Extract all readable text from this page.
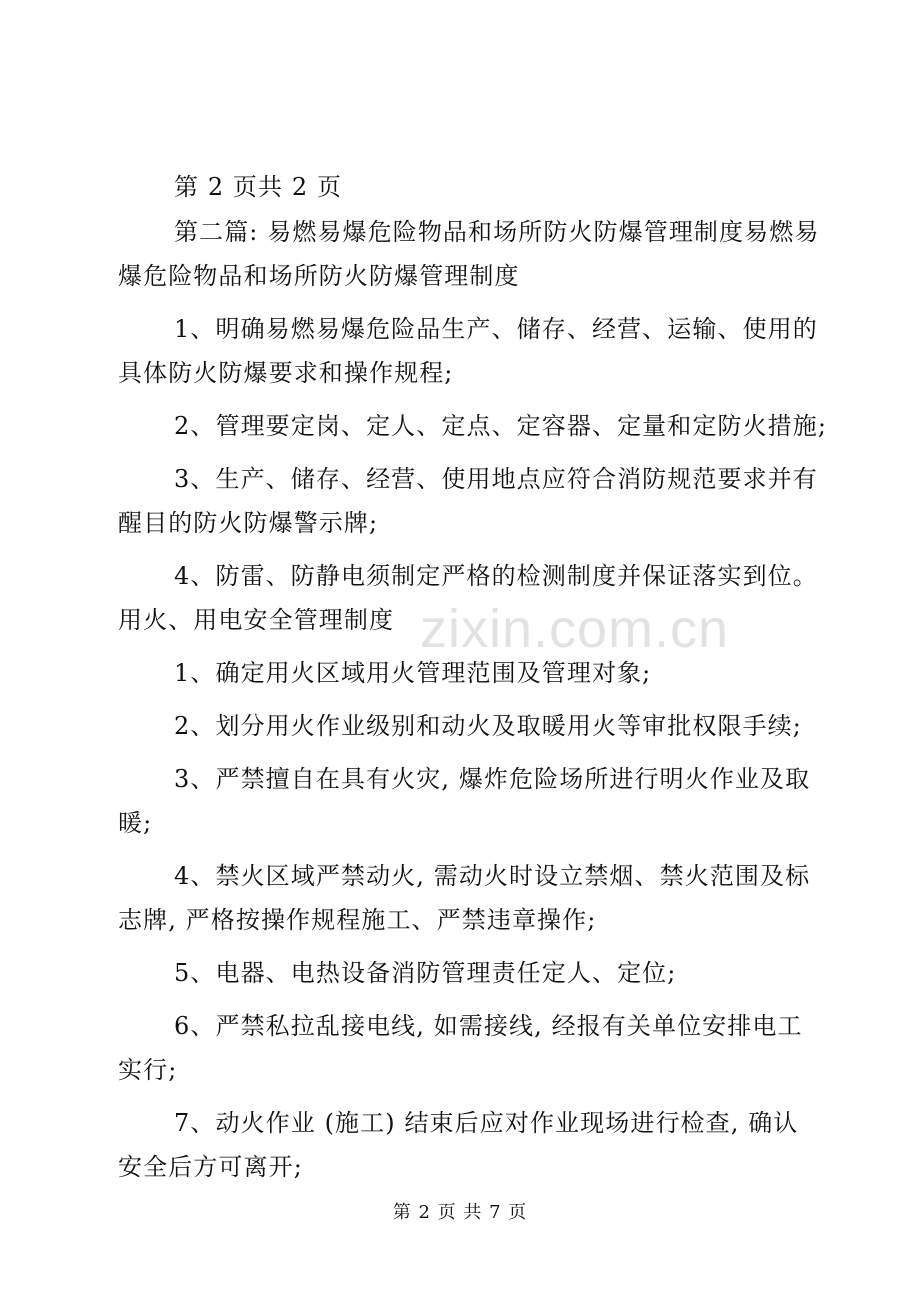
zixin.com.cn
第 2 页共 2 页
第二篇: 易燃易爆危险物品和场所防火防爆管理制度易燃易
爆危险物品和场所防火防爆管理制度
1、明确易燃易爆危险品生产、储存、经营、运输、使用的
具体防火防爆要求和操作规程;
2、管理要定岗、定人、定点、定容器、定量和定防火措施;
3、生产、储存、经营、使用地点应符合消防规范要求并有
醒目的防火防爆警示牌;
4、防雷、防静电须制定严格的检测制度并保证落实到位。
用火、用电安全管理制度
1、确定用火区域用火管理范围及管理对象;
2、划分用火作业级别和动火及取暖用火等审批权限手续;
3、严禁擅自在具有火灾, 爆炸危险场所进行明火作业及取
暖;
4、禁火区域严禁动火, 需动火时设立禁烟、禁火范围及标
志牌, 严格按操作规程施工、严禁违章操作;
5、电器、电热设备消防管理责任定人、定位;
6、严禁私拉乱接电线, 如需接线, 经报有关单位安排电工
实行;
7、动火作业 (施工) 结束后应对作业现场进行检查, 确认
安全后方可离开;
第 2 页 共 7 页
